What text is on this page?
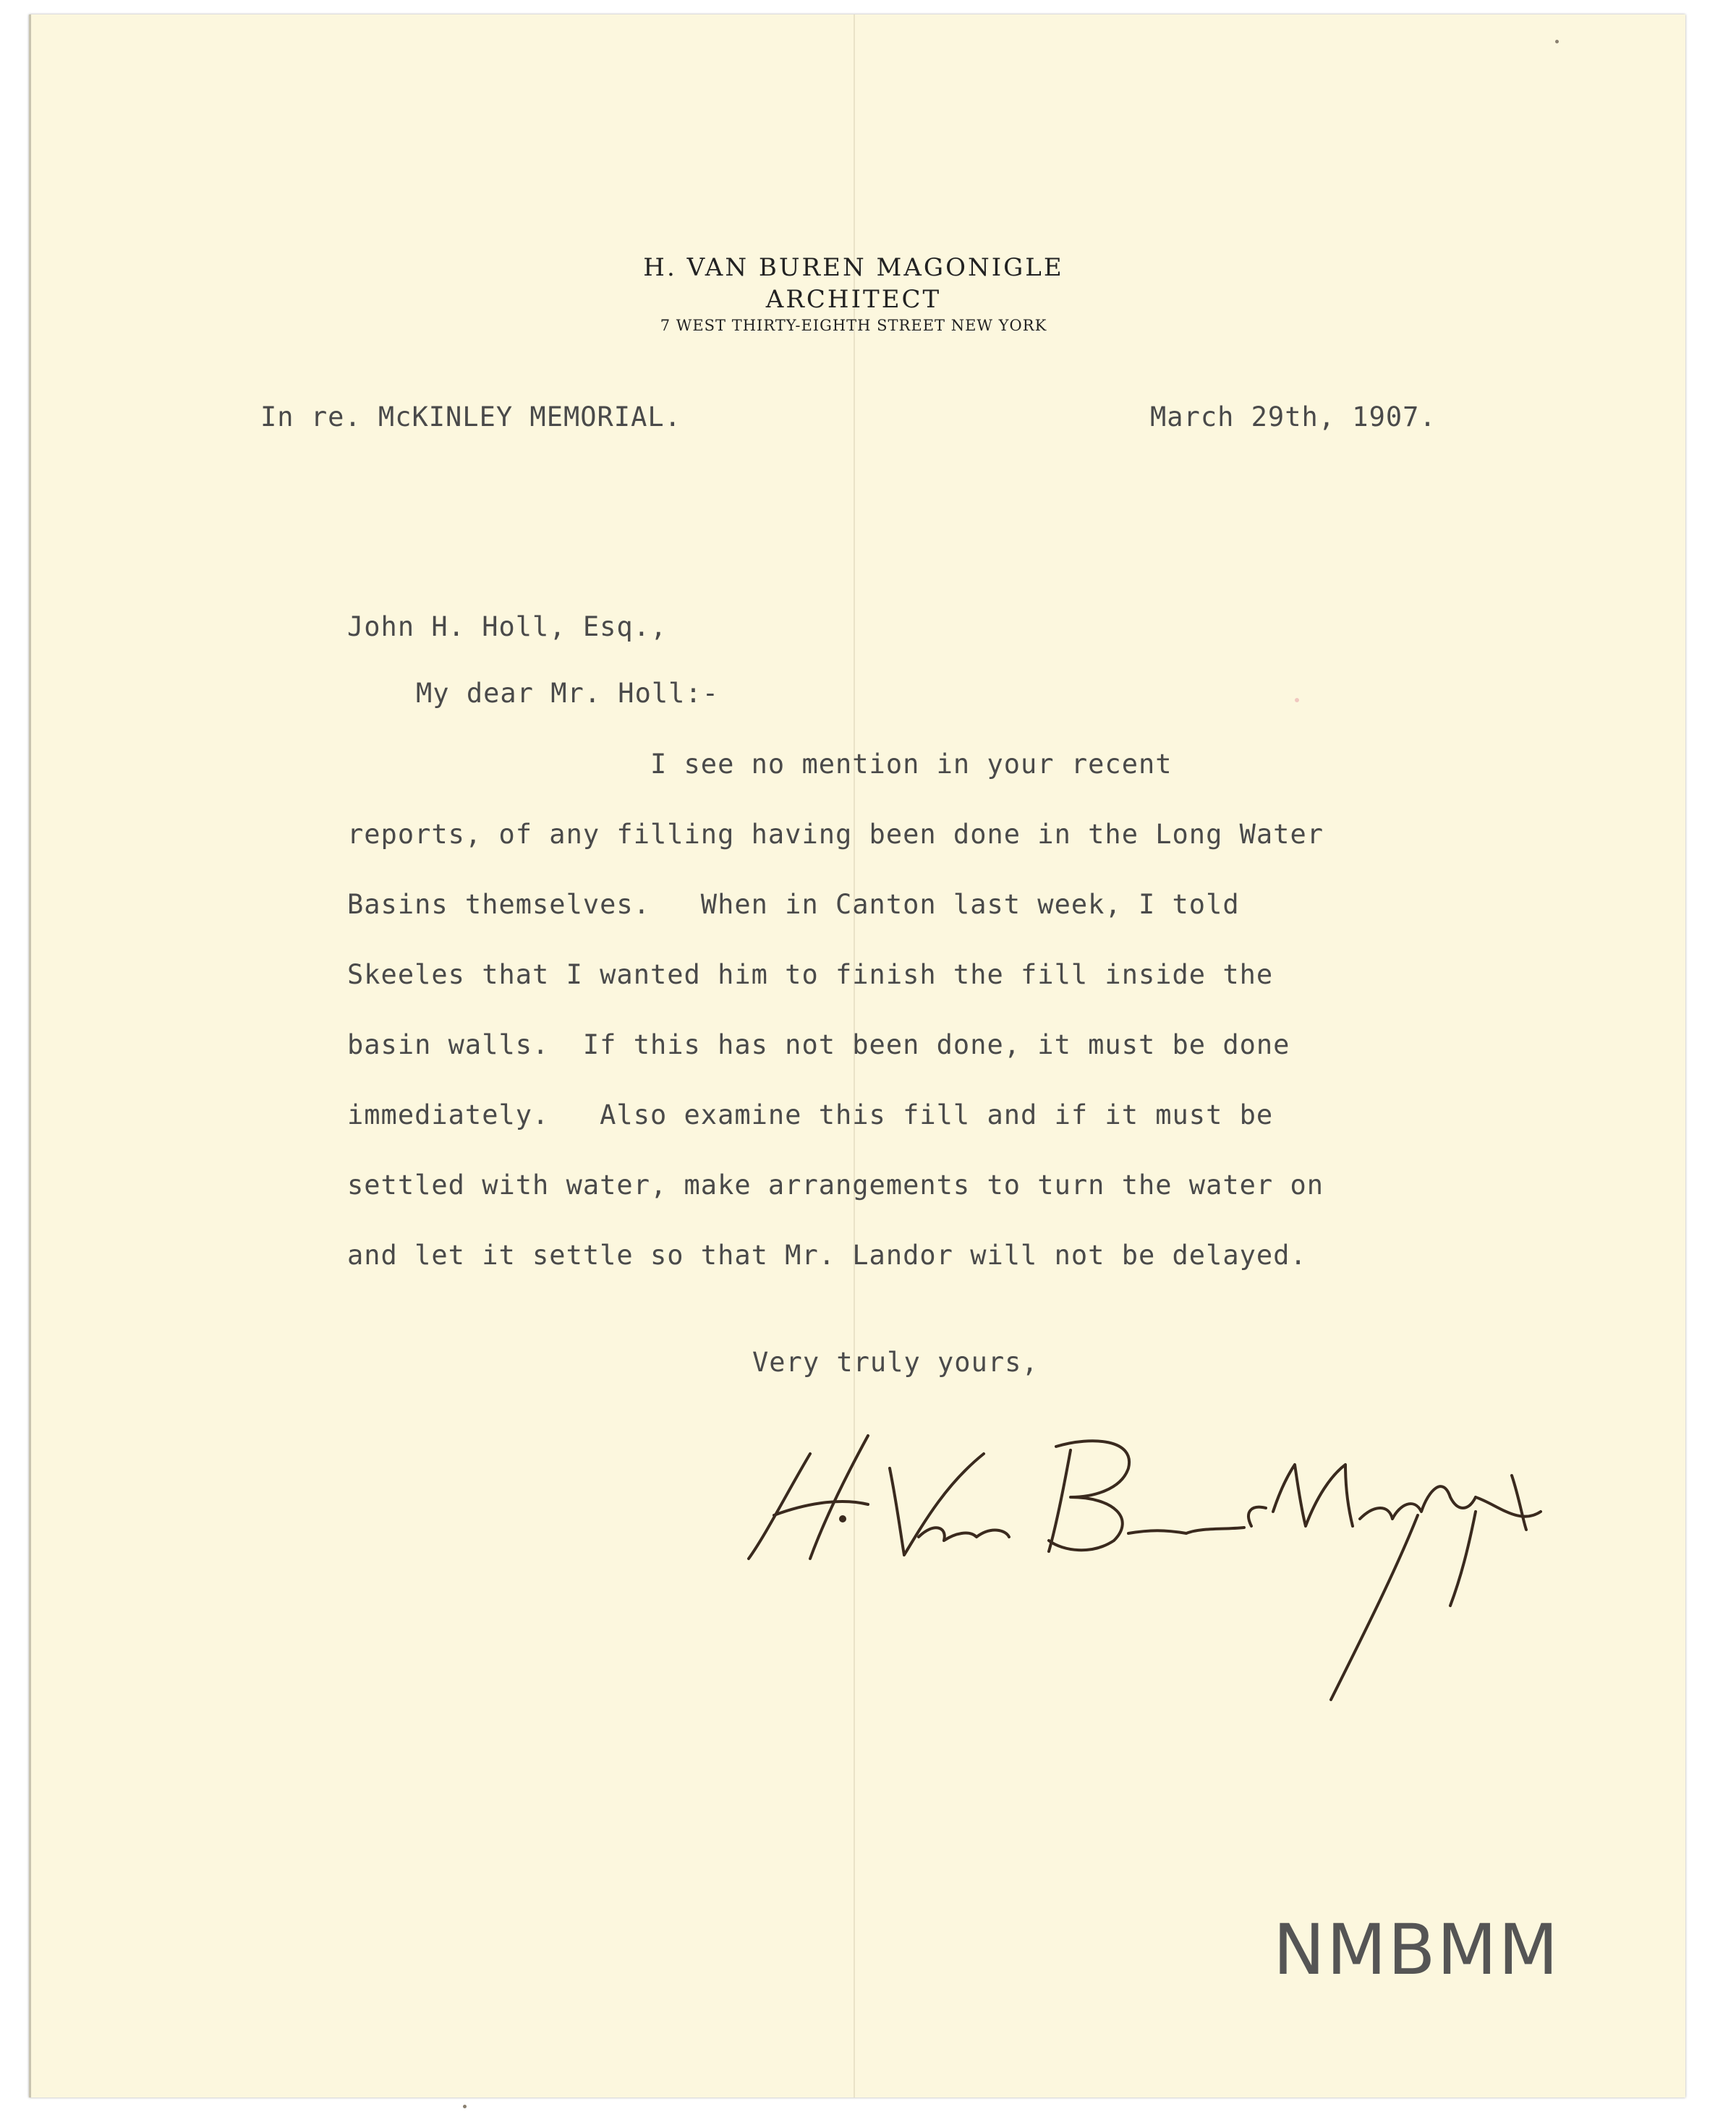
H. VAN BUREN MAGONIGLE
ARCHITECT
7 WEST THIRTY-EIGHTH STREET NEW YORK
In re. McKINLEY MEMORIAL.	March 29th, 1907.
John H. Holl, Esq.,
My dear Mr. Holl:-
I see no mention in your recent
reports, of any filling having been done in the Long Water
Basins themselves.   When in Canton last week, I told
Skeeles that I wanted him to finish the fill inside the
basin walls.  If this has not been done, it must be done
immediately.   Also examine this fill and if it must be
settled with water, make arrangements to turn the water on
and let it settle so that Mr. Landor will not be delayed.
Very truly yours,
NMBMM
